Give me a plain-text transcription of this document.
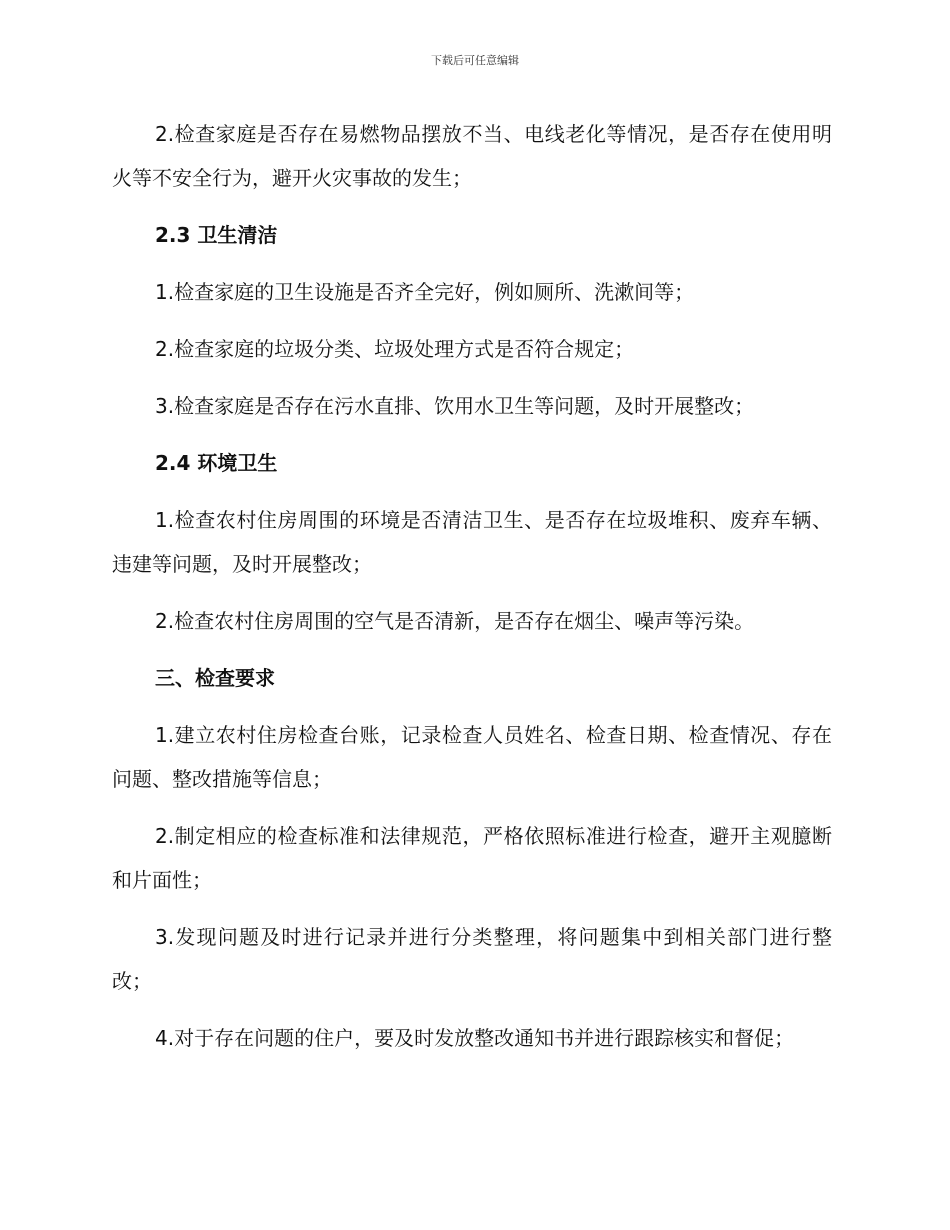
下载后可任意编辑

2.检查家庭是否存在易燃物品摆放不当、电线老化等情况，是否存在使用明火等不安全行为，避开火灾事故的发生；

2.3 卫生清洁

1.检查家庭的卫生设施是否齐全完好，例如厕所、洗漱间等；

2.检查家庭的垃圾分类、垃圾处理方式是否符合规定；

3.检查家庭是否存在污水直排、饮用水卫生等问题，及时开展整改；

2.4 环境卫生

1.检查农村住房周围的环境是否清洁卫生、是否存在垃圾堆积、废弃车辆、违建等问题，及时开展整改；

2.检查农村住房周围的空气是否清新，是否存在烟尘、噪声等污染。

三、检查要求

1.建立农村住房检查台账，记录检查人员姓名、检查日期、检查情况、存在问题、整改措施等信息；

2.制定相应的检查标准和法律规范，严格依照标准进行检查，避开主观臆断和片面性；

3.发现问题及时进行记录并进行分类整理，将问题集中到相关部门进行整改；

4.对于存在问题的住户，要及时发放整改通知书并进行跟踪核实和督促；
